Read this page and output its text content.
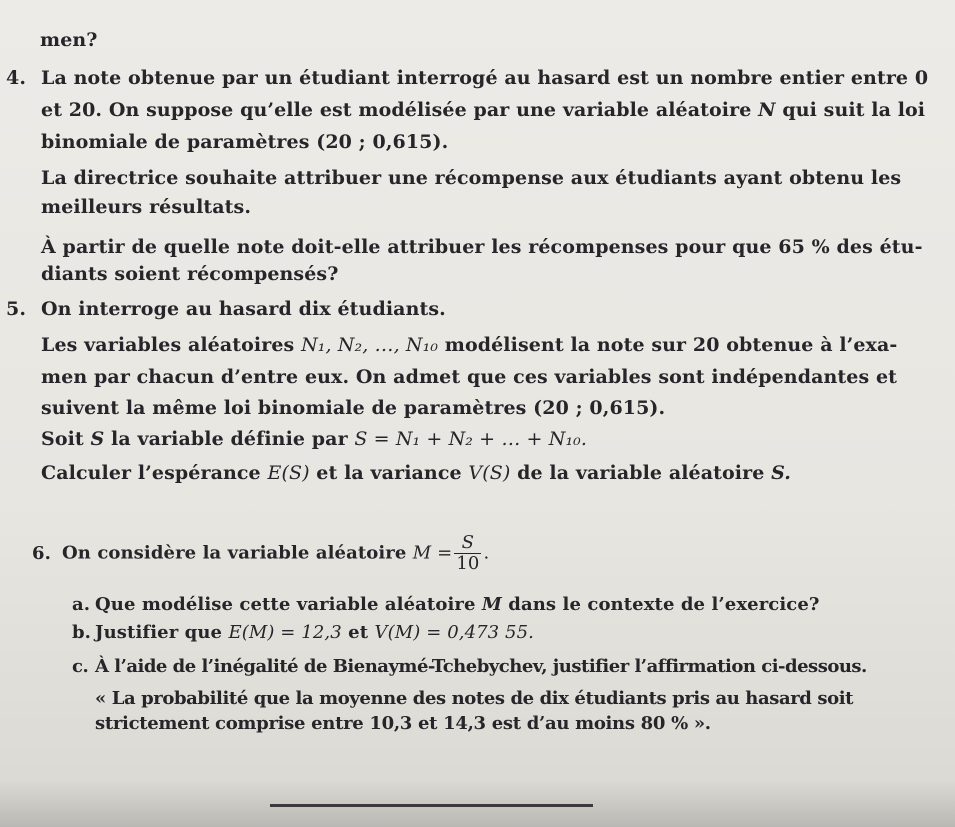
men?
4. La note obtenue par un étudiant interrogé au hasard est un nombre entier entre 0
et 20. On suppose qu’elle est modélisée par une variable aléatoire N qui suit la loi
binomiale de paramètres (20 ; 0,615).
La directrice souhaite attribuer une récompense aux étudiants ayant obtenu les
meilleurs résultats.
À partir de quelle note doit-elle attribuer les récompenses pour que 65 % des étu-
diants soient récompensés?
5. On interroge au hasard dix étudiants.
Les variables aléatoires N₁, N₂, …, N₁₀ modélisent la note sur 20 obtenue à l’exa-
men par chacun d’entre eux. On admet que ces variables sont indépendantes et
suivent la même loi binomiale de paramètres (20 ; 0,615).
Soit S la variable définie par S = N₁ + N₂ + … + N₁₀.
Calculer l’espérance E(S) et la variance V(S) de la variable aléatoire S.
6. On considère la variable aléatoire $M = \frac{S}{10}$ .
a. Que modélise cette variable aléatoire M dans le contexte de l’exercice?
b. Justifier que E(M) = 12,3 et V(M) = 0,473 55.
c. À l’aide de l’inégalité de Bienaymé-Tchebychev, justifier l’affirmation ci-dessous.
« La probabilité que la moyenne des notes de dix étudiants pris au hasard soit
strictement comprise entre 10,3 et 14,3 est d’au moins 80 % ».
